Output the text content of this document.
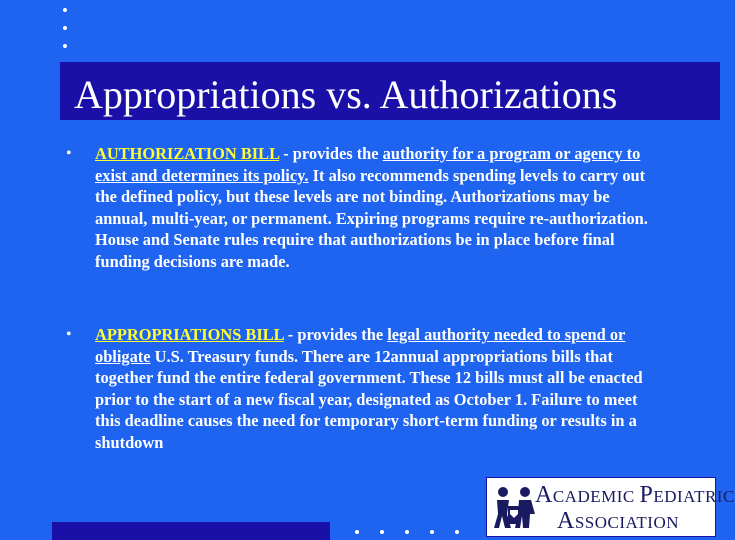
Appropriations vs. Authorizations
• AUTHORIZATION BILL - provides the authority for a program or agency to exist and determines its policy. It also recommends spending levels to carry out the defined policy, but these levels are not binding. Authorizations may be annual, multi-year, or permanent. Expiring programs require re-authorization. House and Senate rules require that authorizations be in place before final funding decisions are made.
• APPROPRIATIONS BILL - provides the legal authority needed to spend or obligate U.S. Treasury funds. There are 12annual appropriations bills that together fund the entire federal government. These 12 bills must all be enacted prior to the start of a new fiscal year, designated as October 1. Failure to meet this deadline causes the need for temporary short-term funding or results in a shutdown
ACADEMIC PEDIATRIC
ASSOCIATION
